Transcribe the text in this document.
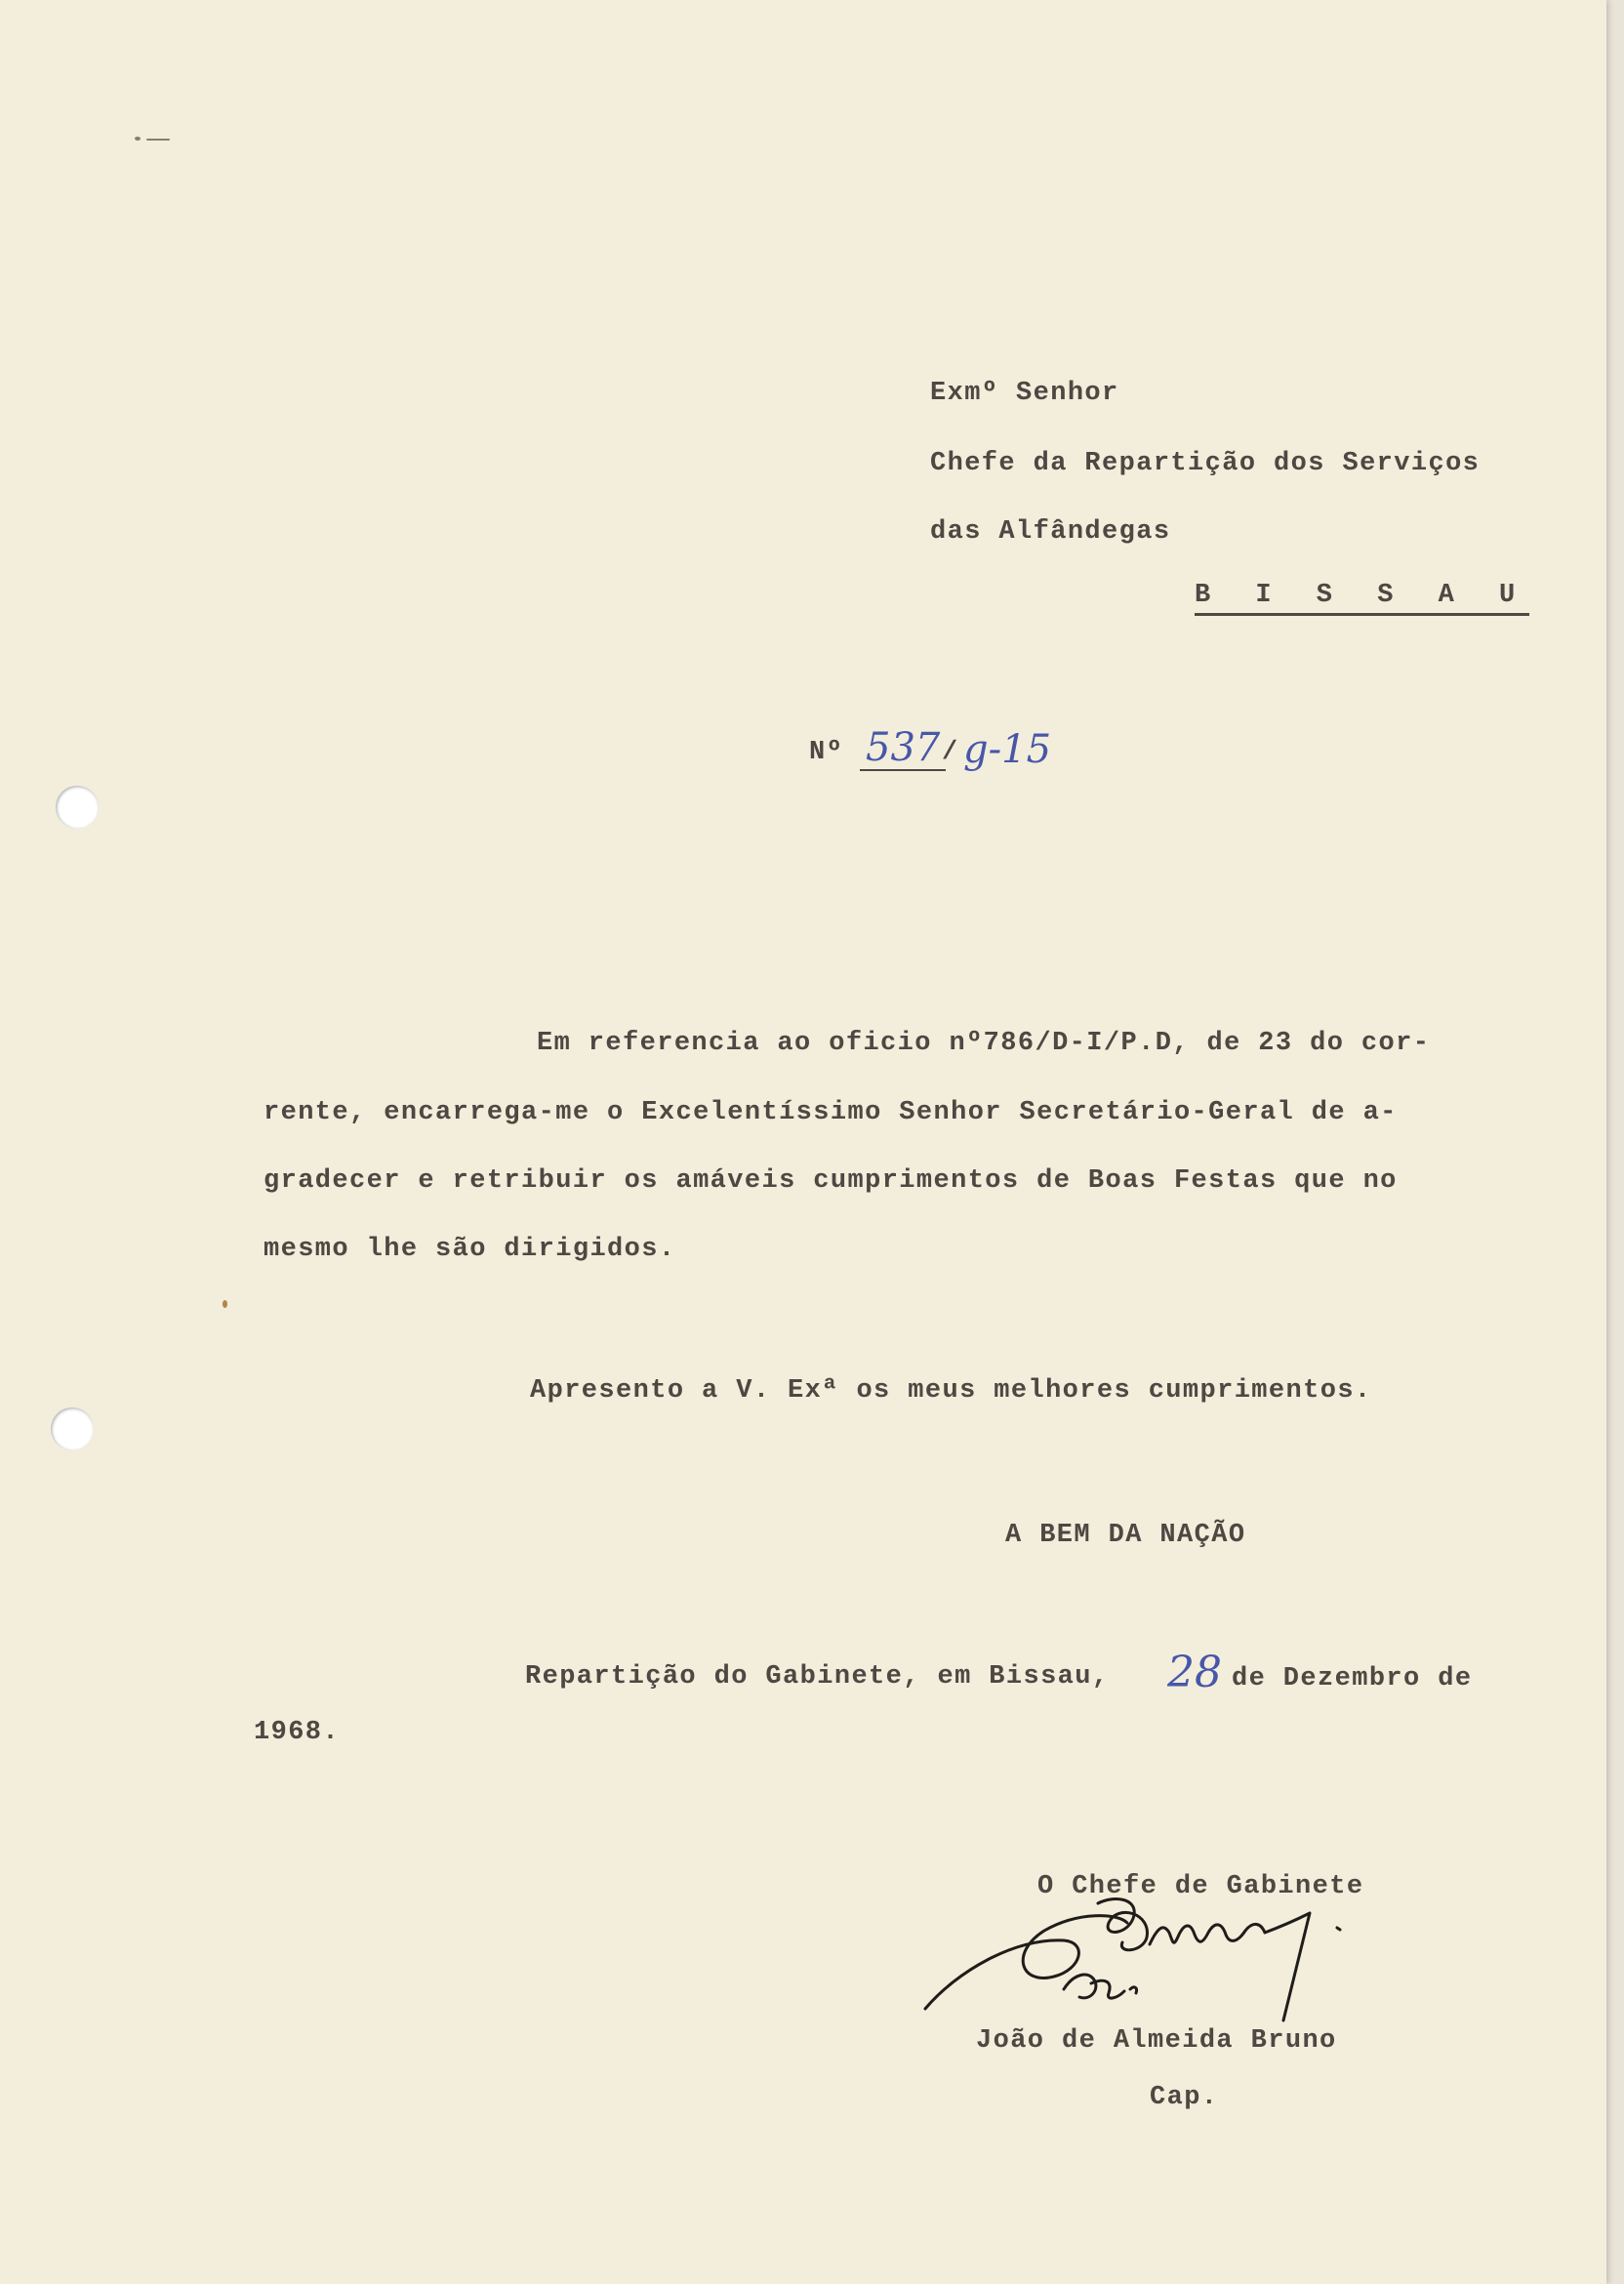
Exmº Senhor
Chefe da Repartição dos Serviços
das Alfândegas
B I S S A U
Nº 537 / g-15
Em referencia ao oficio nº786/D-I/P.D, de 23 do cor-
rente, encarrega-me o Excelentíssimo Senhor Secretário-Geral de a-
gradecer e retribuir os amáveis cumprimentos de Boas Festas que no
mesmo lhe são dirigidos.
Apresento a V. Exª os meus melhores cumprimentos.
A BEM DA NAÇÃO
Repartição do Gabinete, em Bissau, 28 de Dezembro de
1968.
O Chefe de Gabinete
João de Almeida Bruno
Cap.
